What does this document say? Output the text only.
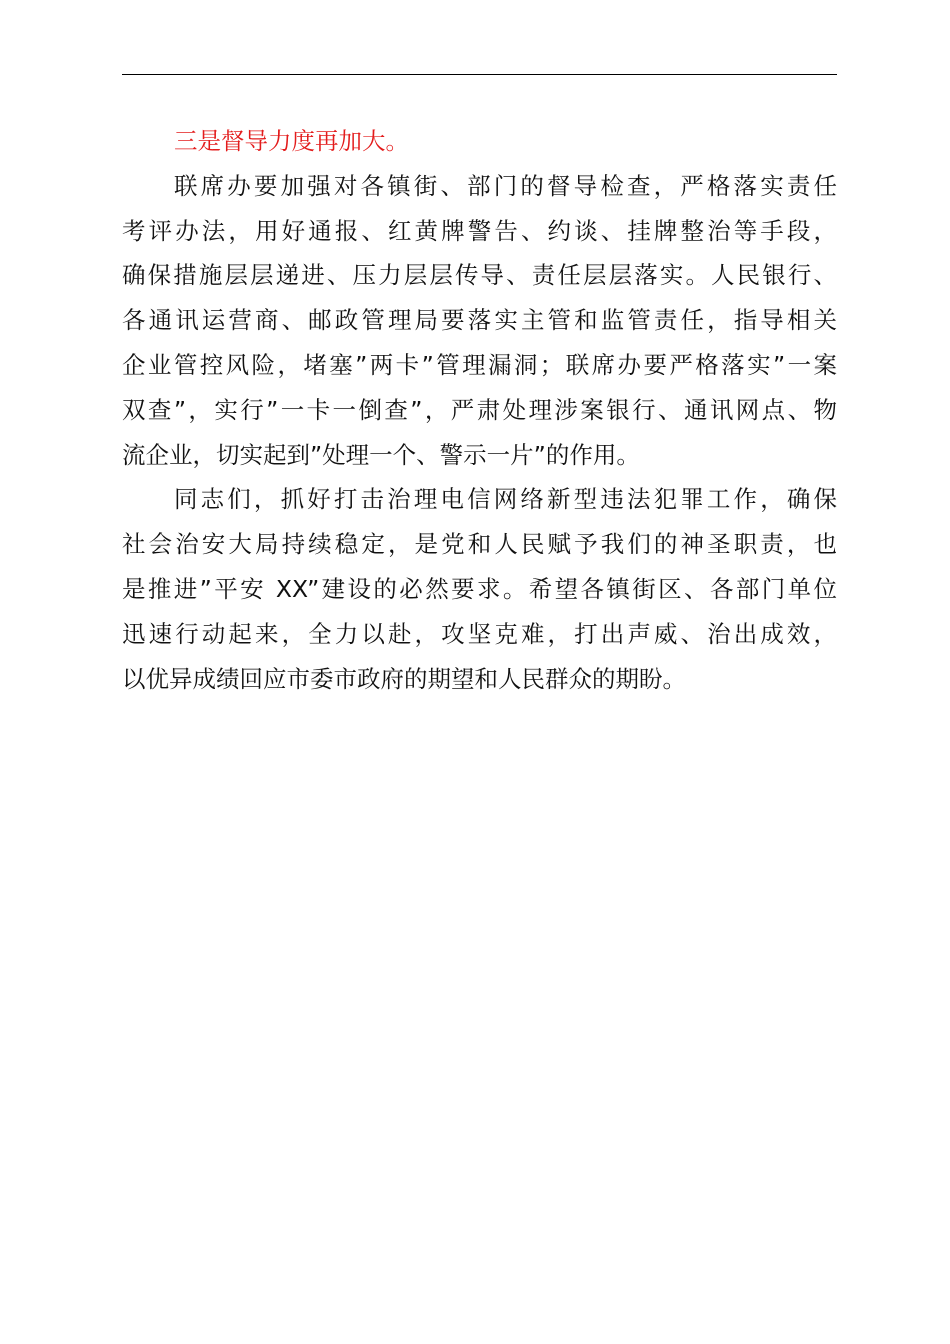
三是督导力度再加大。

联席办要加强对各镇街、部门的督导检查，严格落实责任
考评办法，用好通报、红黄牌警告、约谈、挂牌整治等手段，
确保措施层层递进、压力层层传导、责任层层落实。人民银行、
各通讯运营商、邮政管理局要落实主管和监管责任，指导相关
企业管控风险，堵塞”两卡”管理漏洞；联席办要严格落实”一案
双查”，实行”一卡一倒查”，严肃处理涉案银行、通讯网点、物
流企业，切实起到”处理一个、警示一片”的作用。
同志们，抓好打击治理电信网络新型违法犯罪工作，确保
社会治安大局持续稳定，是党和人民赋予我们的神圣职责，也
是推进”平安 XX”建设的必然要求。希望各镇街区、各部门单位
迅速行动起来，全力以赴，攻坚克难，打出声威、治出成效，
以优异成绩回应市委市政府的期望和人民群众的期盼。
